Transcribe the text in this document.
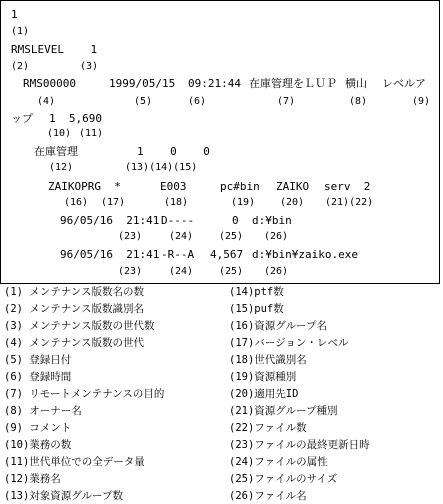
1
(1)
RMSLEVEL    1
(2)	(3)
RMS00000	1999/05/15 09:21:44 在庫管理をＬＵＰ 横山 レベルア
(4)	(5)	(6)	(7)	(8)	(9)
ップ 1  5,690
(10) (11)
在庫管理	1    0    0
(12)	(13)(14)(15)
ZAIKOPRG  *	E003	pc#bin ZAIKO serv  2
(16) (17)	(18)	(19) (20) (21)(22)
96/05/16  21:41 D----	0 d:¥bin
(23)	(24)	(25) (26)
96/05/16  21:41 -R--A 4,567 d:¥bin¥zaiko.exe
(23)	(24)	(25) (26)
(1) メンテナンス版数名の数
(2) メンテナンス版数識別名
(3) メンテナンス版数の世代数
(4) メンテナンス版数の世代
(5) 登録日付
(6) 登録時間
(7) リモートメンテナンスの目的
(8) オーナー名
(9) コメント
(10)業務の数
(11)世代単位での全データ量
(12)業務名
(13)対象資源グループ数
(14)ptf数
(15)puf数
(16)資源グループ名
(17)バージョン・レベル
(18)世代識別名
(19)資源種別
(20)適用先ID
(21)資源グループ種別
(22)ファイル数
(23)ファイルの最終更新日時
(24)ファイルの属性
(25)ファイルのサイズ
(26)ファイル名
